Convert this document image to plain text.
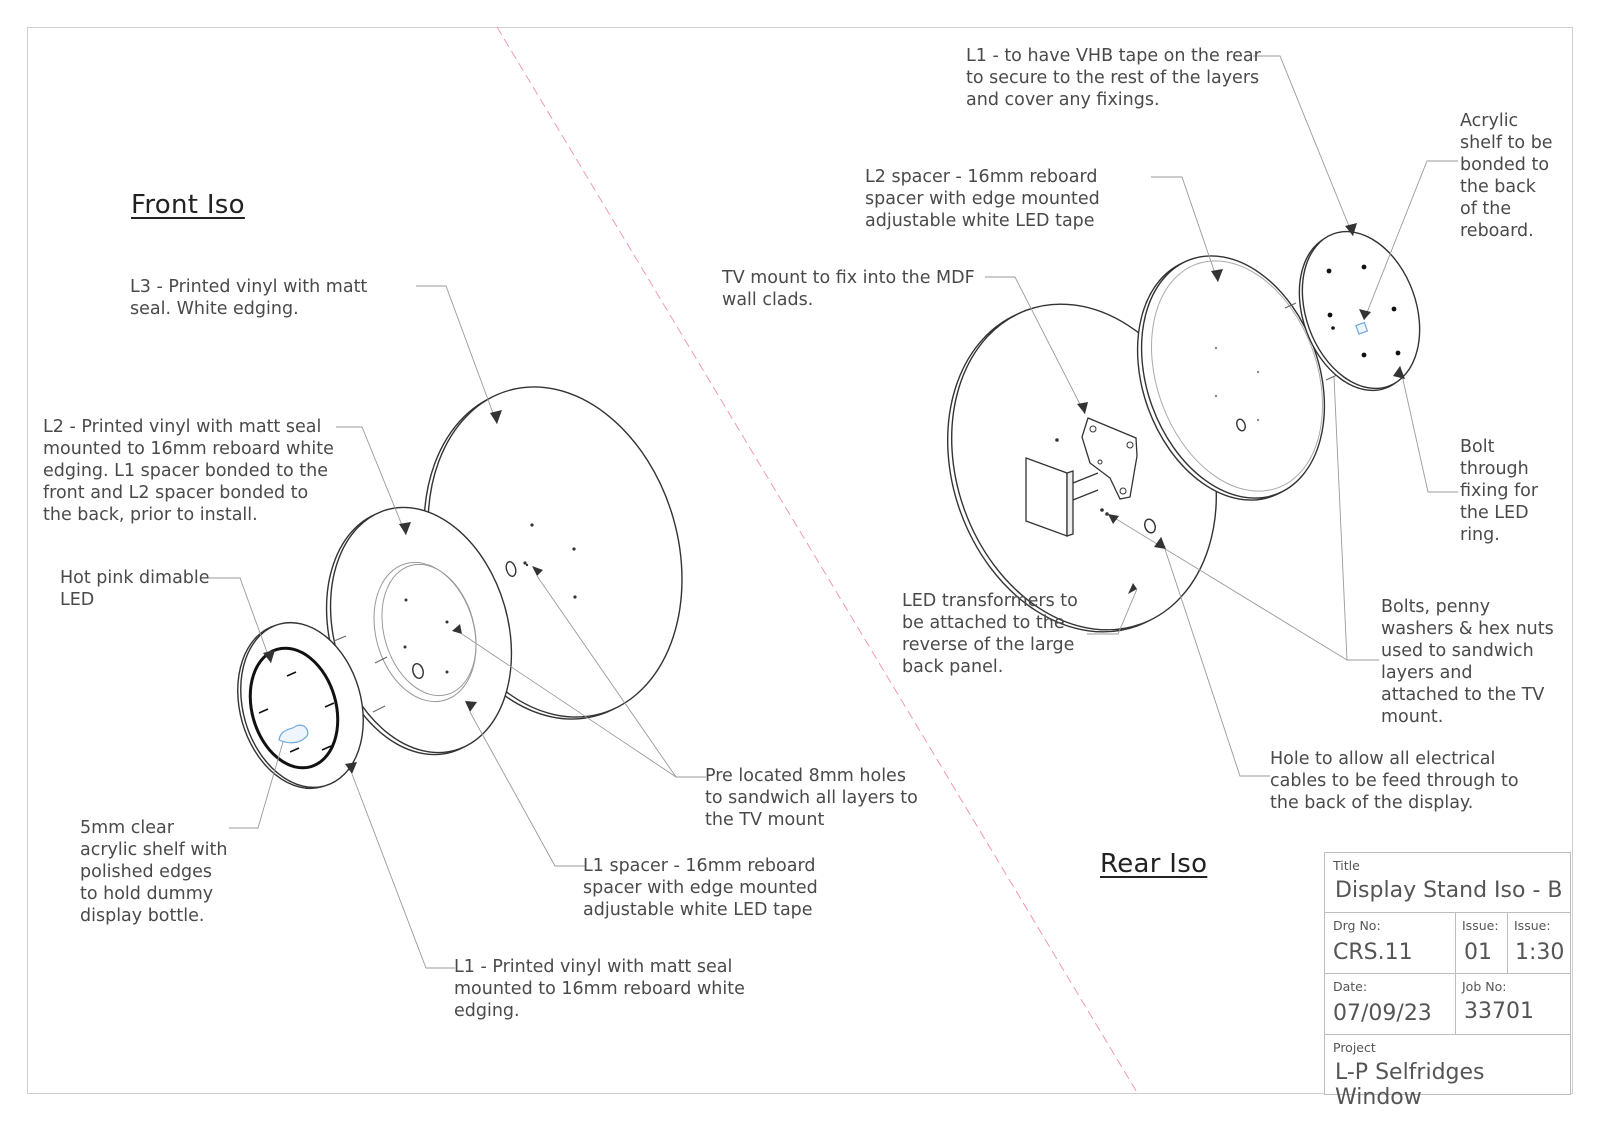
Front Iso
Rear Iso

L3 - Printed vinyl with matt
seal. White edging.

L2 - Printed vinyl with matt seal
mounted to 16mm reboard white
edging. L1 spacer bonded to the
front and L2 spacer bonded to
the back, prior to install.

Hot pink dimable
LED

5mm clear
acrylic shelf with
polished edges
to hold dummy
display bottle.

Pre located 8mm holes
to sandwich all layers to
the TV mount

L1 spacer - 16mm reboard
spacer with edge mounted
adjustable white LED tape

L1 - Printed vinyl with matt seal
mounted to 16mm reboard white
edging.

L1 - to have VHB tape on the rear
to secure to the rest of the layers
and cover any fixings.

Acrylic
shelf to be
bonded to
the back
of the
reboard.

L2 spacer - 16mm reboard
spacer with edge mounted
adjustable white LED tape

TV mount to fix into the MDF
wall clads.

Bolt
through
fixing for
the LED
ring.

LED transformers to
be attached to the
reverse of the large
back panel.

Bolts, penny
washers & hex nuts
used to sandwich
layers and
attached to the TV
mount.

Hole to allow all electrical
cables to be feed through to
the back of the display.

Title
Display Stand Iso - B
Drg No:
CRS.11
Issue:
01
Issue:
1:30
Date:
07/09/23
Job No:
33701
Project
L-P Selfridges Window
